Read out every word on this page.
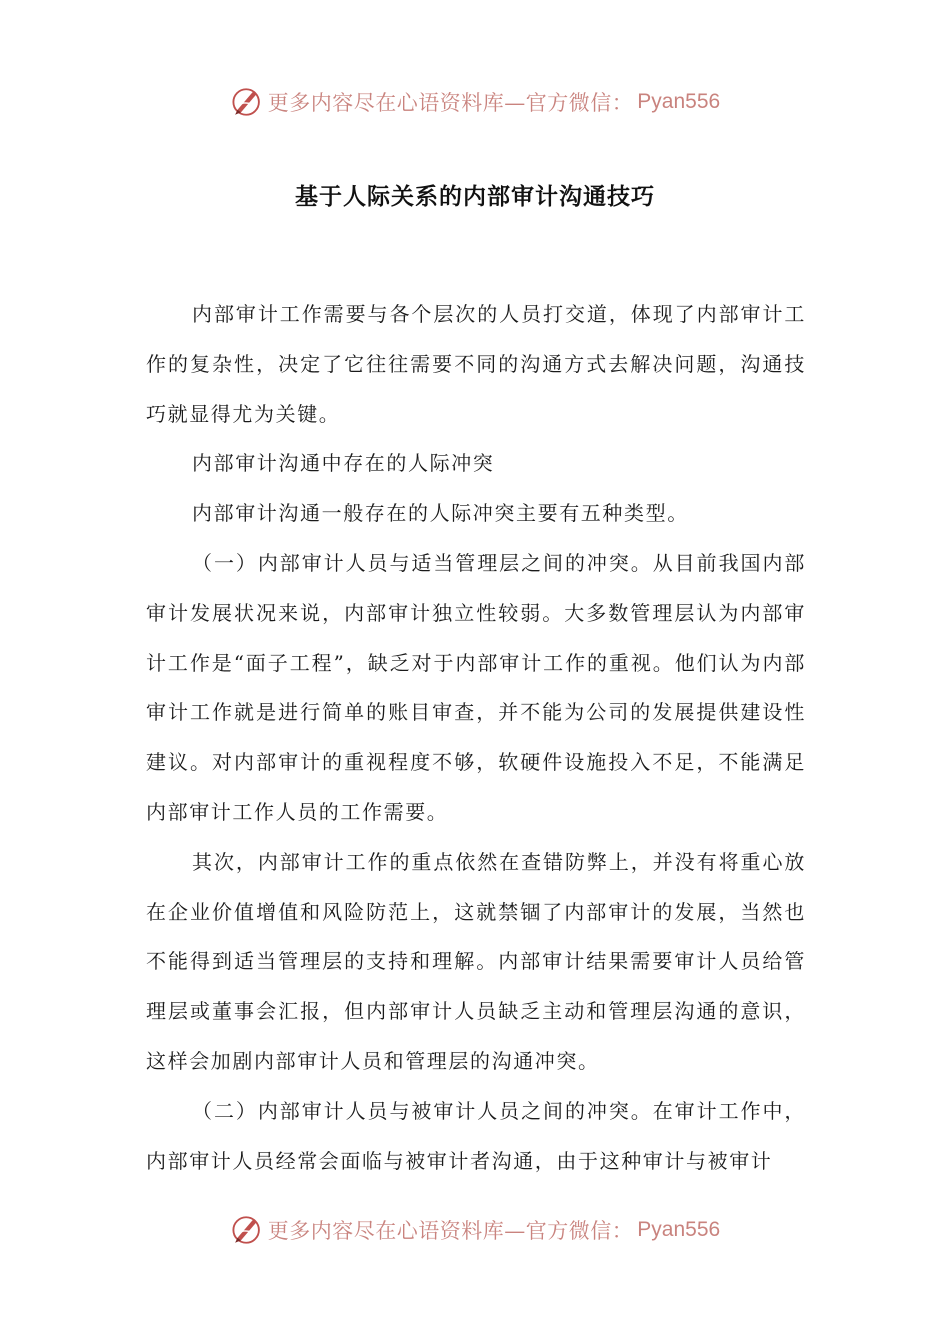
更多内容尽在心语资料库—官方微信： Pyan556
基于人际关系的内部审计沟通技巧

内部审计工作需要与各个层次的人员打交道，体现了内部审计工作的复杂性，决定了它往往需要不同的沟通方式去解决问题，沟通技巧就显得尤为关键。

内部审计沟通中存在的人际冲突

内部审计沟通一般存在的人际冲突主要有五种类型。

（一）内部审计人员与适当管理层之间的冲突。从目前我国内部审计发展状况来说，内部审计独立性较弱。大多数管理层认为内部审计工作是“面子工程”，缺乏对于内部审计工作的重视。他们认为内部审计工作就是进行简单的账目审查，并不能为公司的发展提供建设性建议。对内部审计的重视程度不够，软硬件设施投入不足，不能满足内部审计工作人员的工作需要。

其次，内部审计工作的重点依然在查错防弊上，并没有将重心放在企业价值增值和风险防范上，这就禁锢了内部审计的发展，当然也不能得到适当管理层的支持和理解。内部审计结果需要审计人员给管理层或董事会汇报，但内部审计人员缺乏主动和管理层沟通的意识，这样会加剧内部审计人员和管理层的沟通冲突。

（二）内部审计人员与被审计人员之间的冲突。在审计工作中，内部审计人员经常会面临与被审计者沟通，由于这种审计与被审计

更多内容尽在心语资料库—官方微信： Pyan556
